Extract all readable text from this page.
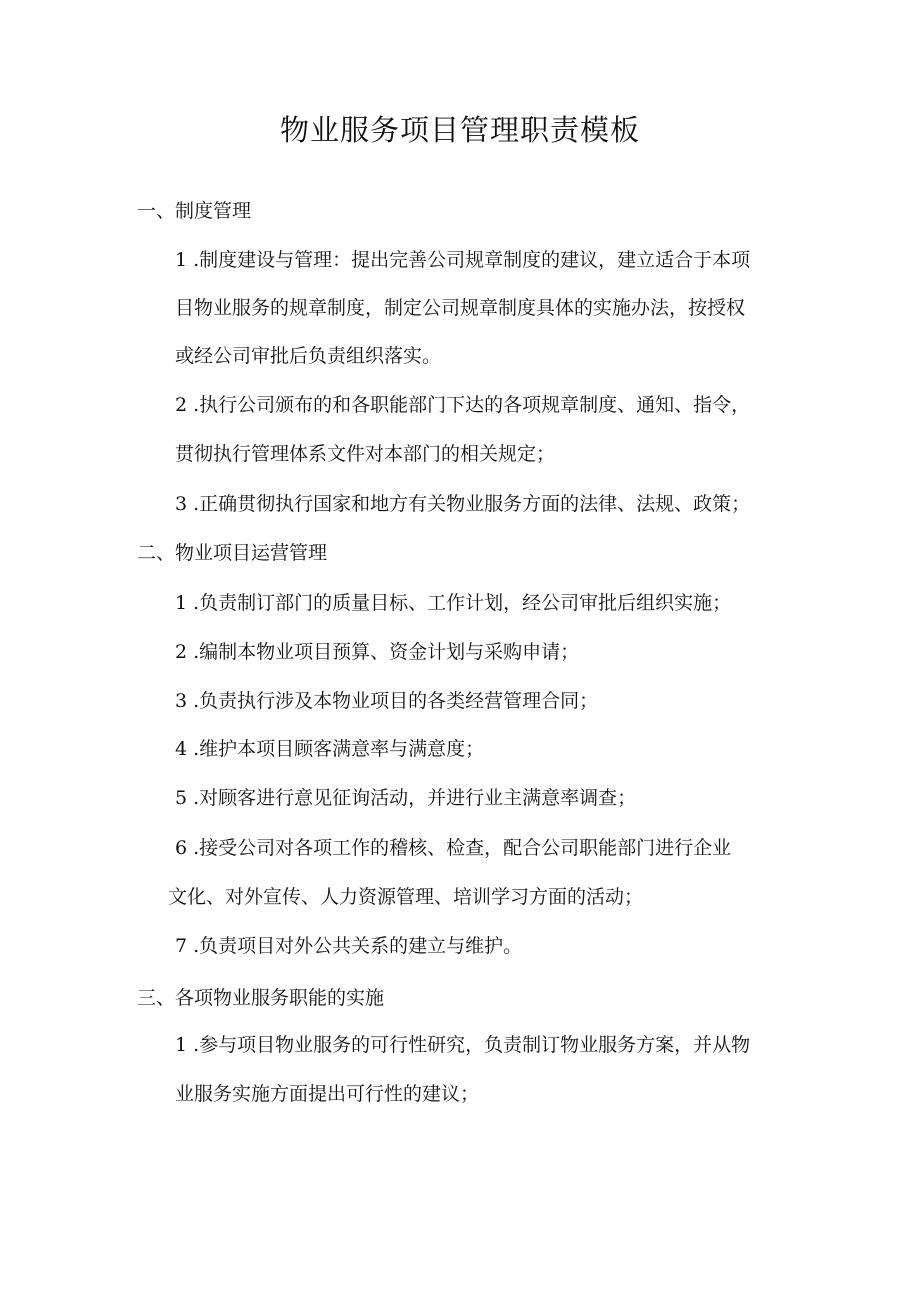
物业服务项目管理职责模板
一、制度管理
1 .制度建设与管理：提出完善公司规章制度的建议，建立适合于本项
目物业服务的规章制度，制定公司规章制度具体的实施办法，按授权
或经公司审批后负责组织落实。
2 .执行公司颁布的和各职能部门下达的各项规章制度、通知、指令，
贯彻执行管理体系文件对本部门的相关规定；
3 .正确贯彻执行国家和地方有关物业服务方面的法律、法规、政策；
二、物业项目运营管理
1 .负责制订部门的质量目标、工作计划，经公司审批后组织实施；
2 .编制本物业项目预算、资金计划与采购申请；
3 .负责执行涉及本物业项目的各类经营管理合同；
4 .维护本项目顾客满意率与满意度；
5 .对顾客进行意见征询活动，并进行业主满意率调查；
6 .接受公司对各项工作的稽核、检查，配合公司职能部门进行企业
文化、对外宣传、人力资源管理、培训学习方面的活动；
7 .负责项目对外公共关系的建立与维护。
三、各项物业服务职能的实施
1 .参与项目物业服务的可行性研究，负责制订物业服务方案，并从物
业服务实施方面提出可行性的建议；
